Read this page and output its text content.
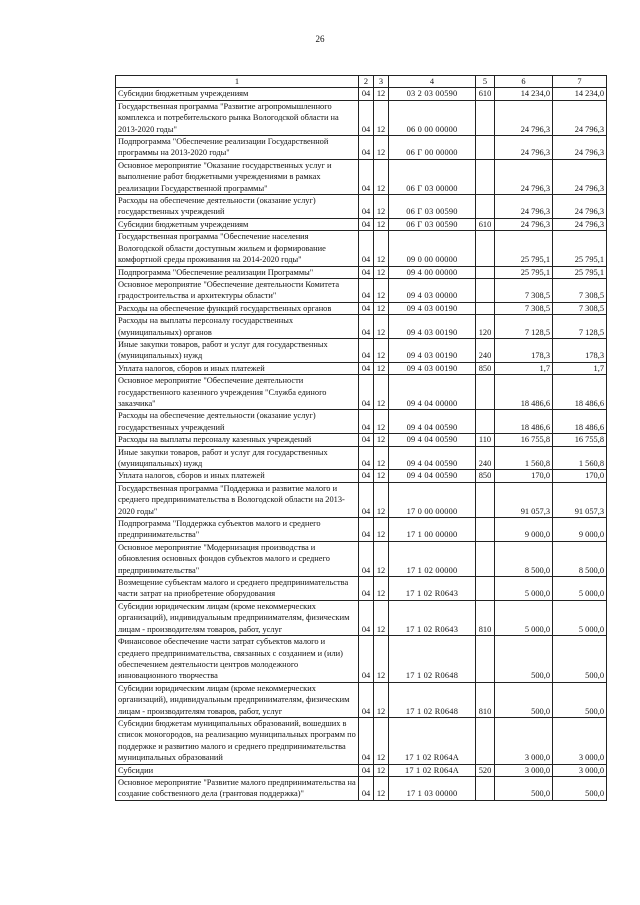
26
1	2	3	4	5	6	7
Субсидии бюджетным учреждениям	04	12	03 2 03 00590	610	14 234,0	14 234,0
Государственная программа "Развитие агропромышленного комплекса и потребительского рынка Вологодской области на 2013-2020 годы"	04	12	06 0 00 00000		24 796,3	24 796,3
Подпрограмма "Обеспечение реализации Государственной программы на 2013-2020 годы"	04	12	06 Г 00 00000		24 796,3	24 796,3
Основное мероприятие "Оказание государственных услуг и выполнение работ бюджетными учреждениями в рамках реализации Государственной программы"	04	12	06 Г 03 00000		24 796,3	24 796,3
Расходы на обеспечение деятельности (оказание услуг) государственных учреждений	04	12	06 Г 03 00590		24 796,3	24 796,3
Субсидии бюджетным учреждениям	04	12	06 Г 03 00590	610	24 796,3	24 796,3
Государственная программа "Обеспечение населения Вологодской области доступным жильем и формирование комфортной среды проживания на 2014-2020 годы"	04	12	09 0 00 00000		25 795,1	25 795,1
Подпрограмма "Обеспечение реализации Программы"	04	12	09 4 00 00000		25 795,1	25 795,1
Основное мероприятие "Обеспечение деятельности Комитета градостроительства и архитектуры области"	04	12	09 4 03 00000		7 308,5	7 308,5
Расходы на обеспечение функций государственных органов	04	12	09 4 03 00190		7 308,5	7 308,5
Расходы на выплаты персоналу государственных (муниципальных) органов	04	12	09 4 03 00190	120	7 128,5	7 128,5
Иные закупки товаров, работ и услуг для государственных (муниципальных) нужд	04	12	09 4 03 00190	240	178,3	178,3
Уплата налогов, сборов и иных платежей	04	12	09 4 03 00190	850	1,7	1,7
Основное мероприятие "Обеспечение деятельности государственного казенного учреждения "Служба единого заказчика"	04	12	09 4 04 00000		18 486,6	18 486,6
Расходы на обеспечение деятельности (оказание услуг) государственных учреждений	04	12	09 4 04 00590		18 486,6	18 486,6
Расходы на выплаты персоналу казенных учреждений	04	12	09 4 04 00590	110	16 755,8	16 755,8
Иные закупки товаров, работ и услуг для государственных (муниципальных) нужд	04	12	09 4 04 00590	240	1 560,8	1 560,8
Уплата налогов, сборов и иных платежей	04	12	09 4 04 00590	850	170,0	170,0
Государственная программа "Поддержка и развитие малого и среднего предпринимательства в Вологодской области на 2013-2020 годы"	04	12	17 0 00 00000		91 057,3	91 057,3
Подпрограмма "Поддержка субъектов малого и среднего предпринимательства"	04	12	17 1 00 00000		9 000,0	9 000,0
Основное мероприятие "Модернизация производства и обновления основных фондов субъектов малого и среднего предпринимательства"	04	12	17 1 02 00000		8 500,0	8 500,0
Возмещение субъектам малого и среднего предпринимательства части затрат на приобретение оборудования	04	12	17 1 02 R0643		5 000,0	5 000,0
Субсидии юридическим лицам (кроме некоммерческих организаций), индивидуальным предпринимателям, физическим лицам - производителям товаров, работ, услуг	04	12	17 1 02 R0643	810	5 000,0	5 000,0
Финансовое обеспечение части затрат субъектов малого и среднего предпринимательства, связанных с созданием и (или) обеспечением деятельности центров молодежного инновационного творчества	04	12	17 1 02 R0648		500,0	500,0
Субсидии юридическим лицам (кроме некоммерческих организаций), индивидуальным предпринимателям, физическим лицам - производителям товаров, работ, услуг	04	12	17 1 02 R0648	810	500,0	500,0
Субсидии бюджетам муниципальных образований, вошедших в список моногородов, на реализацию муниципальных программ по поддержке и развитию малого и среднего предпринимательства муниципальных образований	04	12	17 1 02 R064A		3 000,0	3 000,0
Субсидии	04	12	17 1 02 R064A	520	3 000,0	3 000,0
Основное мероприятие "Развитие малого предпринимательства на создание собственного дела (грантовая поддержка)"	04	12	17 1 03 00000		500,0	500,0
